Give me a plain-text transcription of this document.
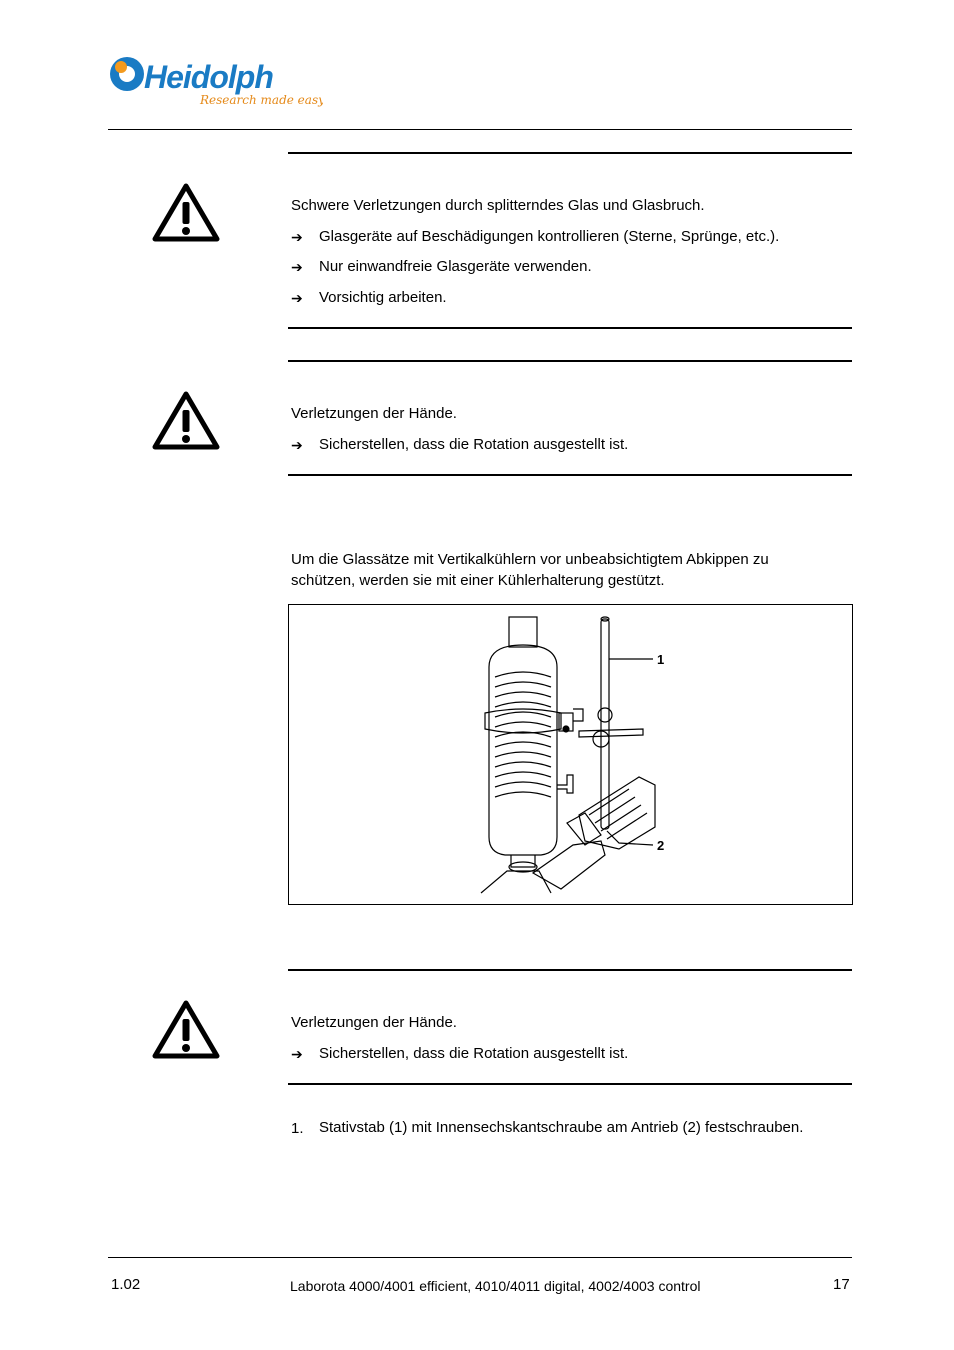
Heidolph
Research made easy
Schwere Verletzungen durch splitterndes Glas und Glasbruch.
➔ Glasgeräte auf Beschädigungen kontrollieren (Sterne, Sprünge, etc.).
➔ Nur einwandfreie Glasgeräte verwenden.
➔ Vorsichtig arbeiten.
Verletzungen der Hände.
➔ Sicherstellen, dass die Rotation ausgestellt ist.
Um die Glassätze mit Vertikalkühlern vor unbeabsichtigtem Abkippen zu
schützen, werden sie mit einer Kühlerhalterung gestützt.
1
2
Verletzungen der Hände.
➔ Sicherstellen, dass die Rotation ausgestellt ist.
1. Stativstab (1) mit Innensechskantschraube am Antrieb (2) festschrauben.
1.02	Laborota 4000/4001 efficient, 4010/4011 digital, 4002/4003 control	17
